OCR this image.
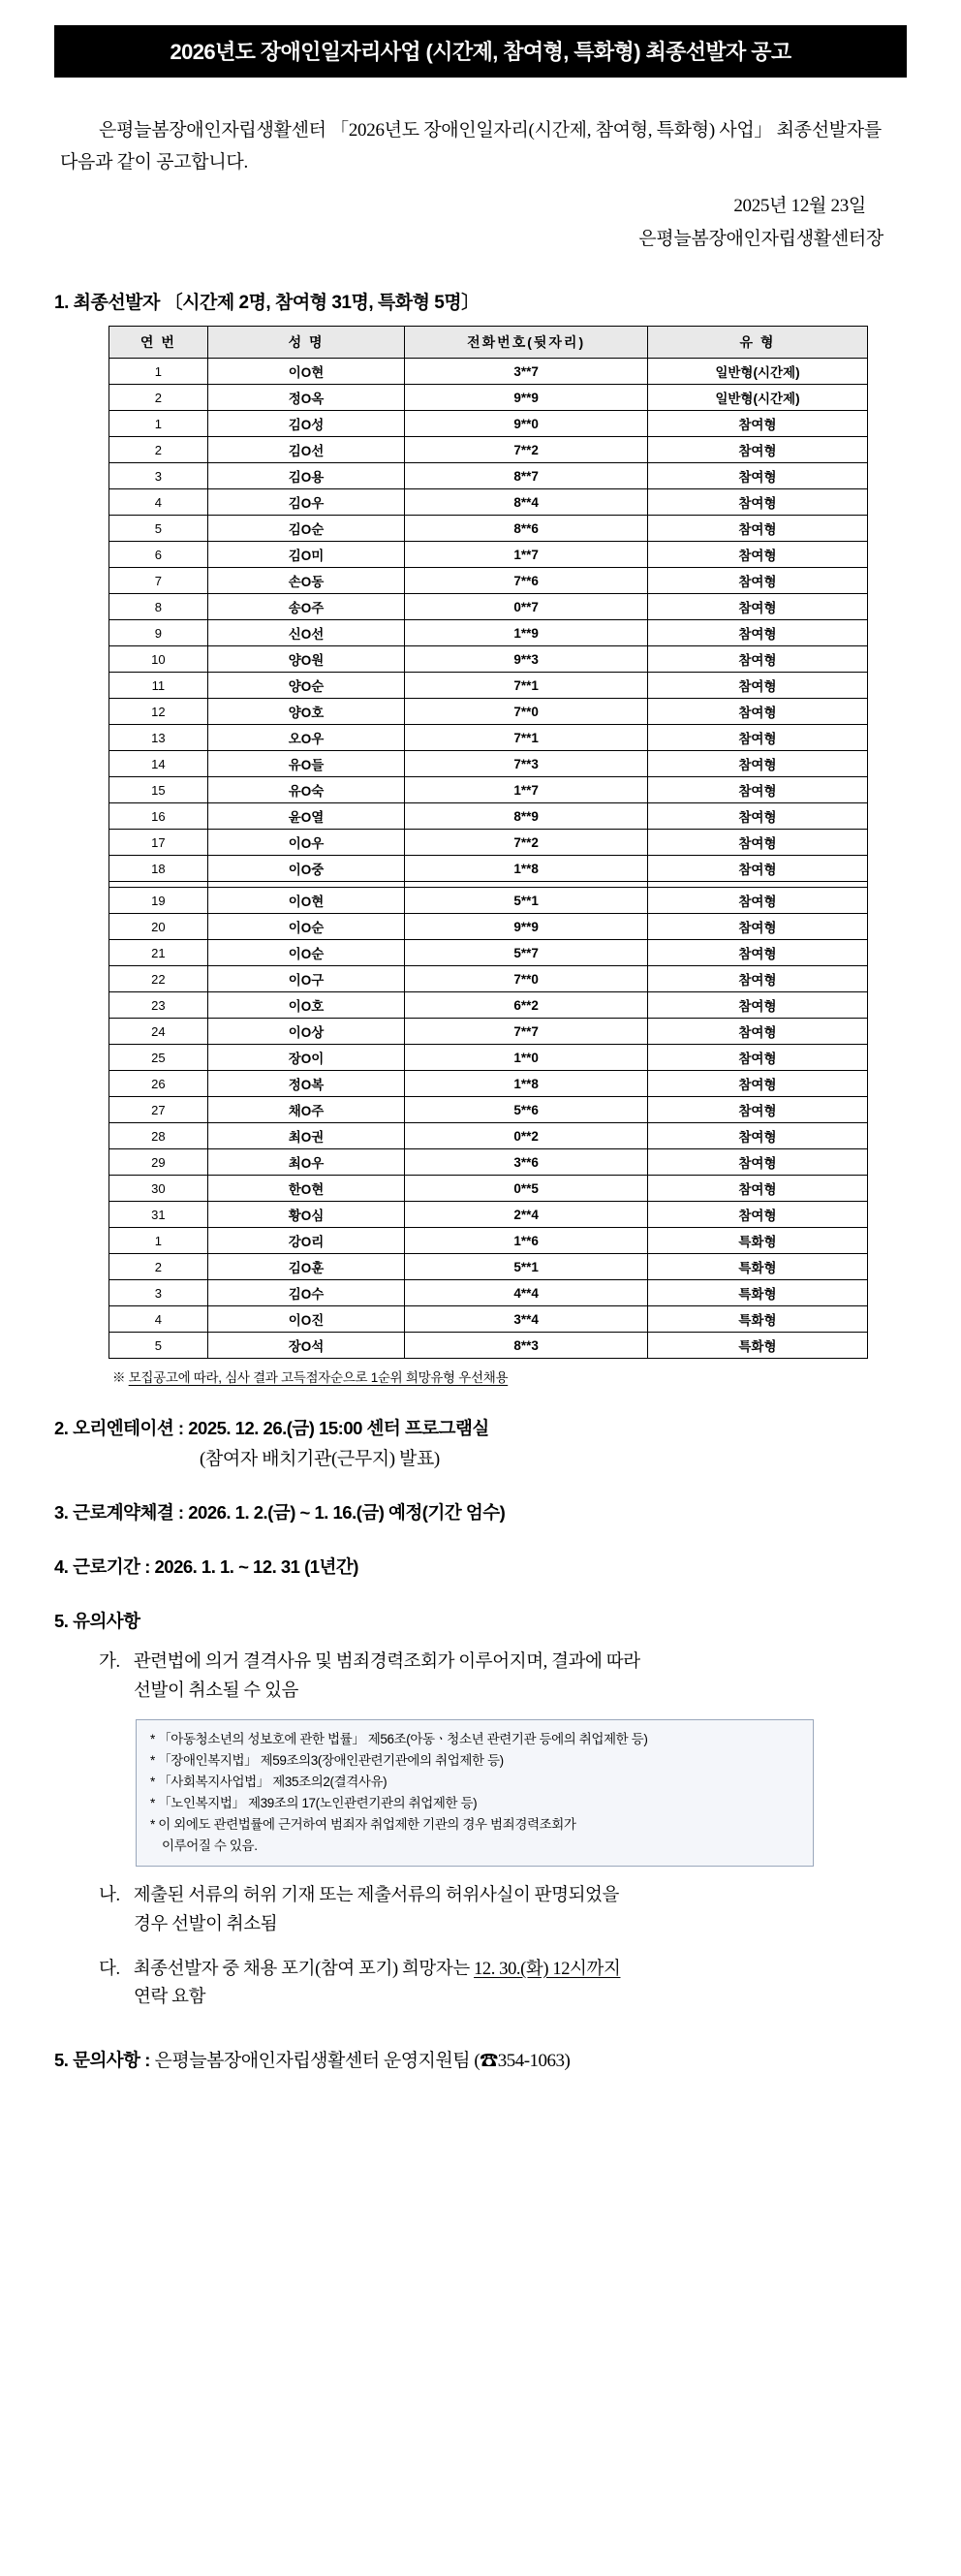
2026년도 장애인일자리사업 (시간제, 참여형, 특화형) 최종선발자 공고

은평늘봄장애인자립생활센터 「2026년도 장애인일자리(시간제, 참여형, 특화형) 사업」 최종선발자를 다음과 같이 공고합니다.

2025년 12월 23일
은평늘봄장애인자립생활센터장
1. 최종선발자 〔시간제 2명, 참여형 31명, 특화형 5명〕
연 번	성 명	전화번호(뒷자리)	유 형
1	이O현	3**7	일반형(시간제)
2	정O옥	9**9	일반형(시간제)
1	김O성	9**0	참여형
2	김O선	7**2	참여형
3	김O용	8**7	참여형
4	김O우	8**4	참여형
5	김O순	8**6	참여형
6	김O미	1**7	참여형
7	손O동	7**6	참여형
8	송O주	0**7	참여형
9	신O선	1**9	참여형
10	양O원	9**3	참여형
11	양O순	7**1	참여형
12	양O호	7**0	참여형
13	오O우	7**1	참여형
14	유O들	7**3	참여형
15	유O숙	1**7	참여형
16	윤O열	8**9	참여형
17	이O우	7**2	참여형
18	이O중	1**8	참여형

19	이O현	5**1	참여형
20	이O순	9**9	참여형
21	이O순	5**7	참여형
22	이O구	7**0	참여형
23	이O호	6**2	참여형
24	이O상	7**7	참여형
25	장O이	1**0	참여형
26	정O복	1**8	참여형
27	채O주	5**6	참여형
28	최O권	0**2	참여형
29	최O우	3**6	참여형
30	한O현	0**5	참여형
31	황O심	2**4	참여형
1	강O리	1**6	특화형
2	김O훈	5**1	특화형
3	김O수	4**4	특화형
4	이O진	3**4	특화형
5	장O석	8**3	특화형
※ 모집공고에 따라, 심사 결과 고득점자순으로 1순위 희망유형 우선채용
2. 오리엔테이션 : 2025. 12. 26.(금) 15:00 센터 프로그램실
(참여자 배치기관(근무지) 발표)
3. 근로계약체결 : 2026. 1. 2.(금) ~ 1. 16.(금) 예정(기간 엄수)
4. 근로기간 : 2026. 1. 1. ~ 12. 31 (1년간)
5. 유의사항
가. 관련법에 의거 결격사유 및 범죄경력조회가 이루어지며, 결과에 따라
선발이 취소될 수 있음
* 「아동청소년의 성보호에 관한 법률」 제56조(아동ㆍ청소년 관련기관 등에의 취업제한 등)
* 「장애인복지법」 제59조의3(장애인관련기관에의 취업제한 등)
* 「사회복지사업법」 제35조의2(결격사유)
* 「노인복지법」 제39조의 17(노인관련기관의 취업제한 등)
* 이 외에도 관련법률에 근거하여 범죄자 취업제한 기관의 경우 범죄경력조회가
이루어질 수 있음.
나. 제출된 서류의 허위 기재 또는 제출서류의 허위사실이 판명되었을
경우 선발이 취소됨
다. 최종선발자 중 채용 포기(참여 포기) 희망자는 12. 30.(화) 12시까지
연락 요함
5. 문의사항 : 은평늘봄장애인자립생활센터 운영지원팀 (☎354-1063)
